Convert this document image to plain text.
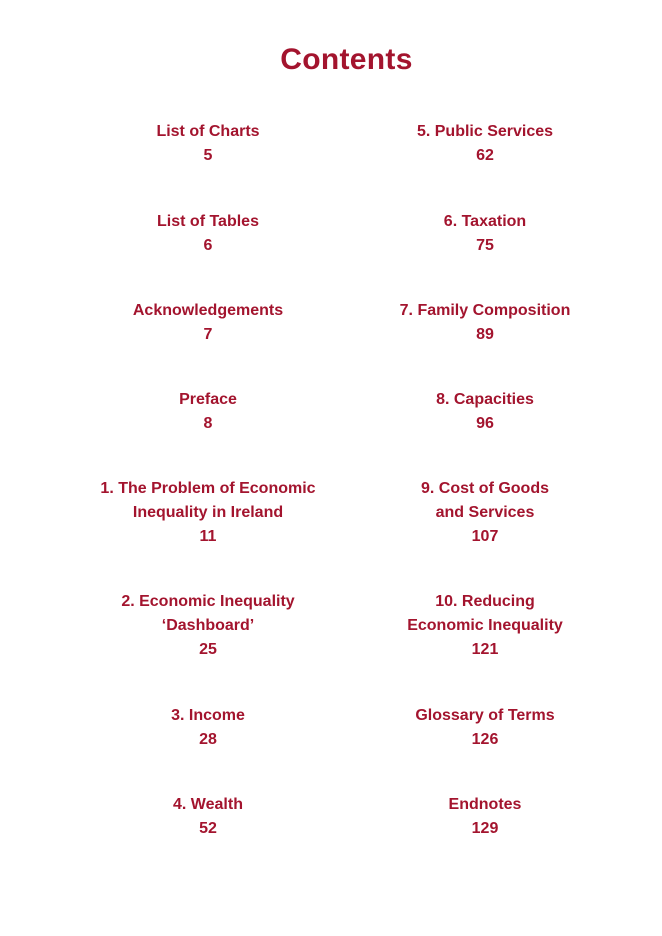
Contents
List of Charts
5
List of Tables
6
Acknowledgements
7
Preface
8
1. The Problem of Economic
Inequality in Ireland
11
2. Economic Inequality
‘Dashboard’
25
3. Income
28
4. Wealth
52
5. Public Services
62
6. Taxation
75
7. Family Composition
89
8. Capacities
96
9. Cost of Goods
and Services
107
10. Reducing
Economic Inequality
121
Glossary of Terms
126
Endnotes
129
